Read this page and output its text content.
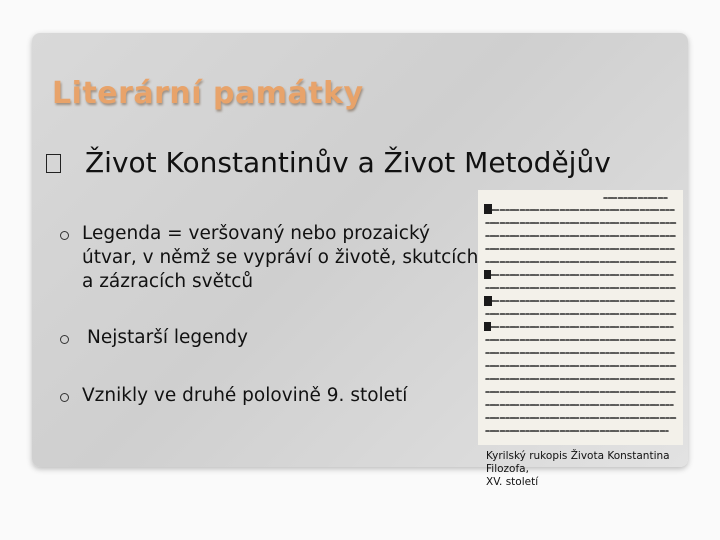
Literární památky
Život Konstantinův a Život Metodějův
Legenda = veršovaný nebo prozaický útvar, v němž se vypráví o životě, skutcích a zázracích světců
Nejstarší legendy
Vznikly ve druhé polovině 9. století
Kyrilský rukopis Života Konstantina Filozofa,
XV. století
